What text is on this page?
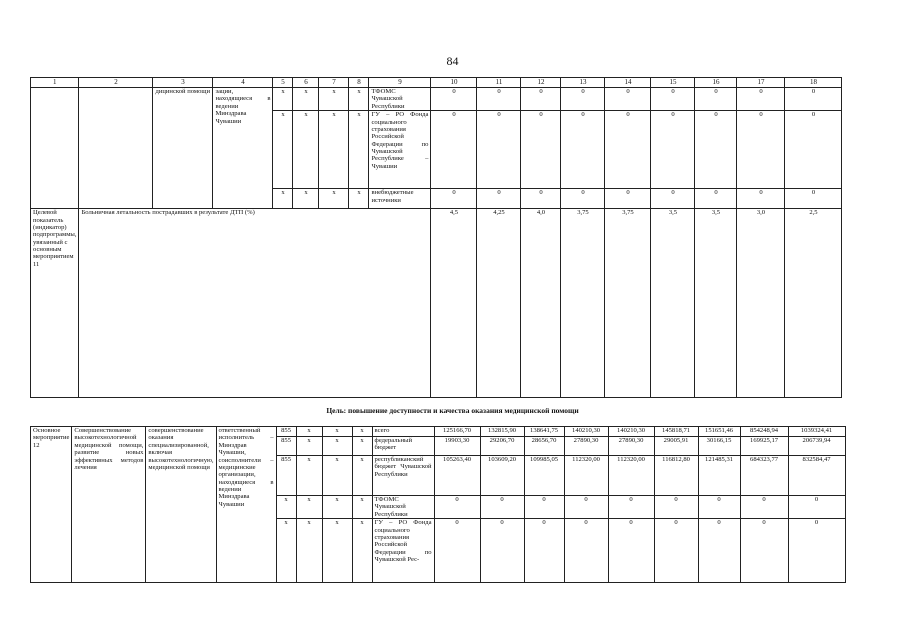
84
1	2	3	4	5	6	7	8	9	10	11	12	13	14	15	16	17	18
		дицинской помощи	зации, находящиеся в ведении Минздрава Чувашии	х	х	х	х	ТФОМС Чувашской Республики	0	0	0	0	0	0	0	0	0
				х	х	х	х	ГУ – РО Фонда социального страхования Российской Федерации по Чувашской Республике – Чувашии	0	0	0	0	0	0	0	0	0
				х	х	х	х	внебюджетные источники	0	0	0	0	0	0	0	0	0
Целевой показатель (индикатор) подпрограммы, увязанный с основным мероприятием 11	Больничная летальность пострадавших в результате ДТП (%)								4,5	4,25	4,0	3,75	3,75	3,5	3,5	3,0	2,5
Цель: повышение доступности и качества оказания медицинской помощи
Основное мероприятие 12	Совершенствование высокотехнологичной медицинской помощи, развитие новых эффективных методов лечения	совершенствование оказания специализированной, включая высокотехнологичную, медицинской помощи	ответственный исполнитель – Минздрав Чувашии, соисполнители – медицинские организации, находящиеся в ведении Минздрава Чувашии	855	х	х	х	всего	125166,70	132815,90	138641,75	140210,30	140210,30	145818,71	151651,46	854248,94	1039324,41
				855	х	х	х	федеральный бюджет	19903,30	29206,70	28656,70	27890,30	27890,30	29005,91	30166,15	169925,17	206739,94
				855	х	х	х	республиканский бюджет Чувашской Республики	105263,40	103609,20	109985,05	112320,00	112320,00	116812,80	121485,31	684323,77	832584,47
				х	х	х	х	ТФОМС Чувашской Республики	0	0	0	0	0	0	0	0	0
				х	х	х	х	ГУ – РО Фонда социального страхования Российской Федерации по Чувашской Рес-	0	0	0	0	0	0	0	0	0
